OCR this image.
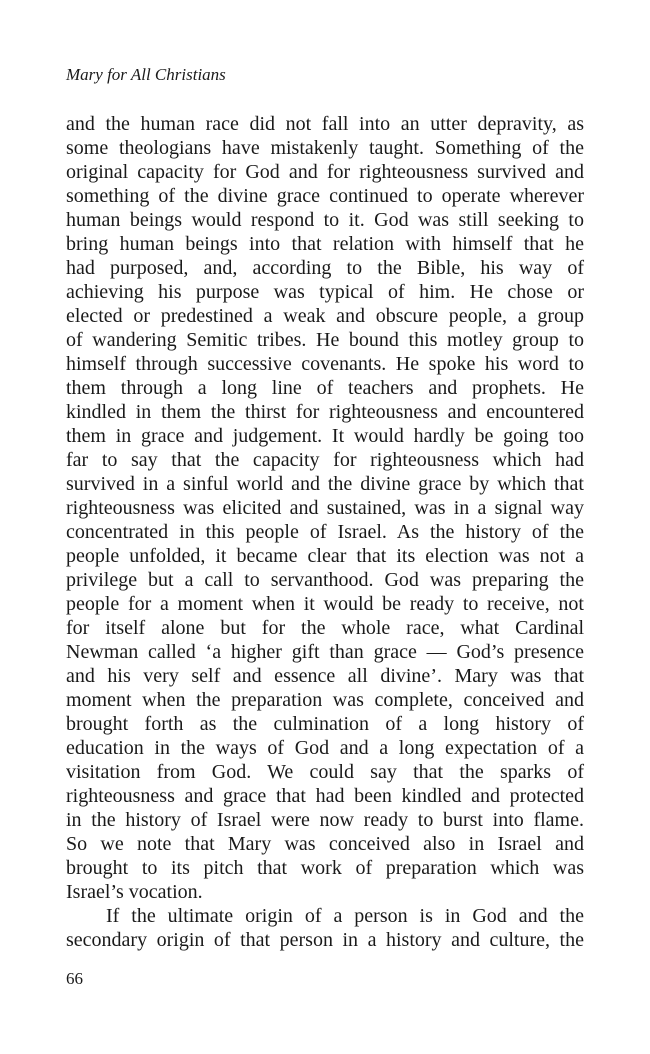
Mary for All Christians
and the human race did not fall into an utter depravity, as
some theologians have mistakenly taught. Something of the
original capacity for God and for righteousness survived and
something of the divine grace continued to operate wherever
human beings would respond to it. God was still seeking to
bring human beings into that relation with himself that he
had purposed, and, according to the Bible, his way of
achieving his purpose was typical of him. He chose or
elected or predestined a weak and obscure people, a group
of wandering Semitic tribes. He bound this motley group to
himself through successive covenants. He spoke his word to
them through a long line of teachers and prophets. He
kindled in them the thirst for righteousness and encountered
them in grace and judgement. It would hardly be going too
far to say that the capacity for righteousness which had
survived in a sinful world and the divine grace by which that
righteousness was elicited and sustained, was in a signal way
concentrated in this people of Israel. As the history of the
people unfolded, it became clear that its election was not a
privilege but a call to servanthood. God was preparing the
people for a moment when it would be ready to receive, not
for itself alone but for the whole race, what Cardinal
Newman called ‘a higher gift than grace — God’s presence
and his very self and essence all divine’. Mary was that
moment when the preparation was complete, conceived and
brought forth as the culmination of a long history of
education in the ways of God and a long expectation of a
visitation from God. We could say that the sparks of
righteousness and grace that had been kindled and protected
in the history of Israel were now ready to burst into flame.
So we note that Mary was conceived also in Israel and
brought to its pitch that work of preparation which was
Israel’s vocation.
If the ultimate origin of a person is in God and the
secondary origin of that person in a history and culture, the
66
